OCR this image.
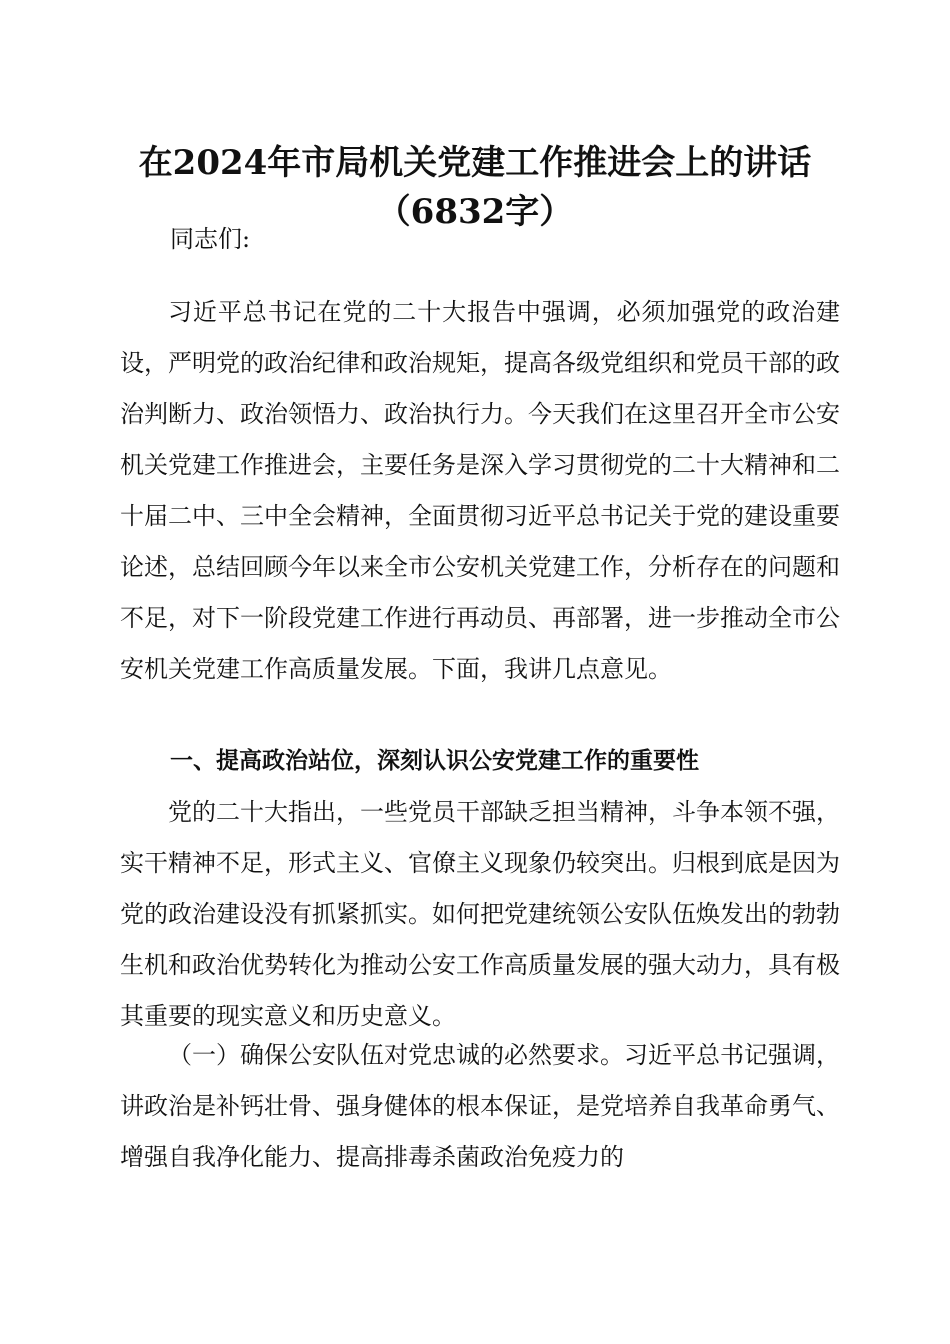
在2024年市局机关党建工作推进会上的讲话
（6832字）

同志们:

习近平总书记在党的二十大报告中强调，必须加强党的政治建设，严明党的政治纪律和政治规矩，提高各级党组织和党员干部的政治判断力、政治领悟力、政治执行力。今天我们在这里召开全市公安机关党建工作推进会，主要任务是深入学习贯彻党的二十大精神和二十届二中、三中全会精神，全面贯彻习近平总书记关于党的建设重要论述，总结回顾今年以来全市公安机关党建工作，分析存在的问题和不足，对下一阶段党建工作进行再动员、再部署，进一步推动全市公安机关党建工作高质量发展。下面，我讲几点意见。

一、提高政治站位，深刻认识公安党建工作的重要性

党的二十大指出，一些党员干部缺乏担当精神，斗争本领不强，实干精神不足，形式主义、官僚主义现象仍较突出。归根到底是因为党的政治建设没有抓紧抓实。如何把党建统领公安队伍焕发出的勃勃生机和政治优势转化为推动公安工作高质量发展的强大动力，具有极其重要的现实意义和历史意义。

（一）确保公安队伍对党忠诚的必然要求。习近平总书记强调，讲政治是补钙壮骨、强身健体的根本保证，是党培养自我革命勇气、增强自我净化能力、提高排毒杀菌政治免疫力的
